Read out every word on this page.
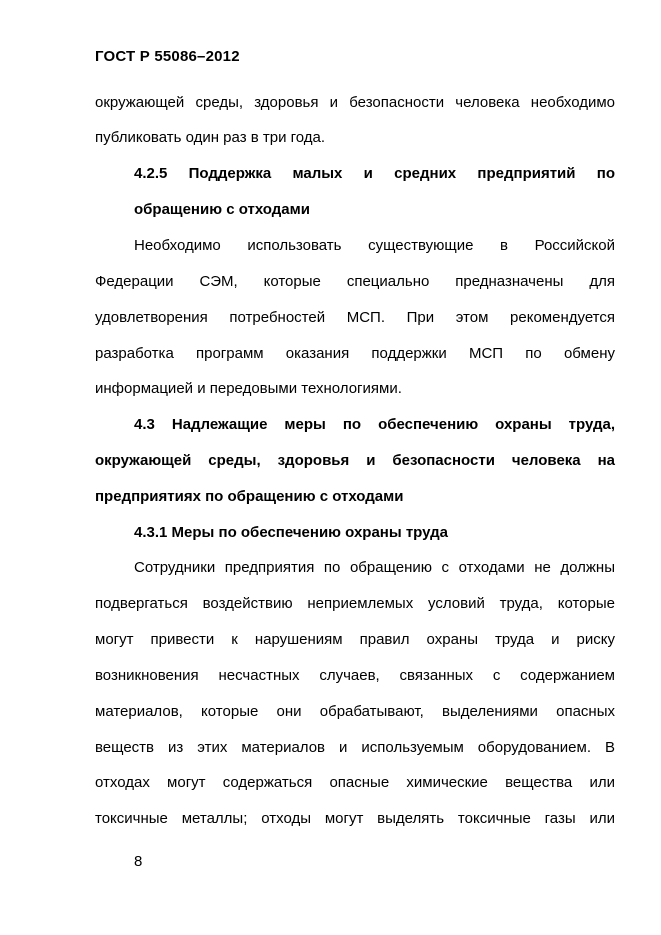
ГОСТ Р 55086–2012
окружающей среды, здоровья и безопасности человека необходимо
публиковать один раз в три года.
4.2.5 Поддержка малых и средних предприятий по
обращению с отходами
Необходимо использовать существующие в Российской
Федерации СЭМ, которые специально предназначены для
удовлетворения потребностей МСП. При этом рекомендуется
разработка программ оказания поддержки МСП по обмену
информацией и передовыми технологиями.
4.3 Надлежащие меры по обеспечению охраны труда,
окружающей среды, здоровья и безопасности человека на
предприятиях по обращению с отходами
4.3.1 Меры по обеспечению охраны труда
Сотрудники предприятия по обращению с отходами не должны
подвергаться воздействию неприемлемых условий труда, которые
могут привести к нарушениям правил охраны труда и риску
возникновения несчастных случаев, связанных с содержанием
материалов, которые они обрабатывают, выделениями опасных
веществ из этих материалов и используемым оборудованием. В
отходах могут содержаться опасные химические вещества или
токсичные металлы; отходы могут выделять токсичные газы или
8
